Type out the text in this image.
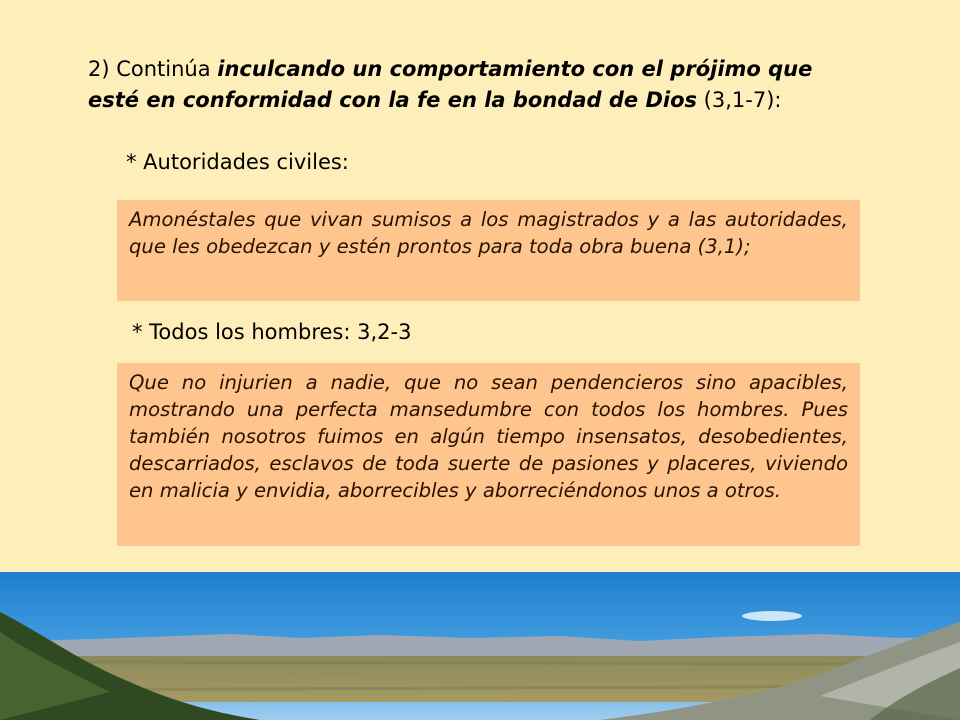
2) Continúa inculcando un comportamiento con el prójimo que esté en conformidad con la fe en la bondad de Dios (3,1-7):
* Autoridades civiles:
Amonéstales que vivan sumisos a los magistrados y a las autoridades, que les obedezcan y estén prontos para toda obra buena (3,1);
* Todos los hombres: 3,2-3
Que no injurien a nadie, que no sean pendencieros sino apacibles, mostrando una perfecta mansedumbre con todos los hombres. Pues también nosotros fuimos en algún tiempo insensatos, desobedientes, descarriados, esclavos de toda suerte de pasiones y placeres, viviendo en malicia y envidia, aborrecibles y aborreciéndonos unos a otros.
